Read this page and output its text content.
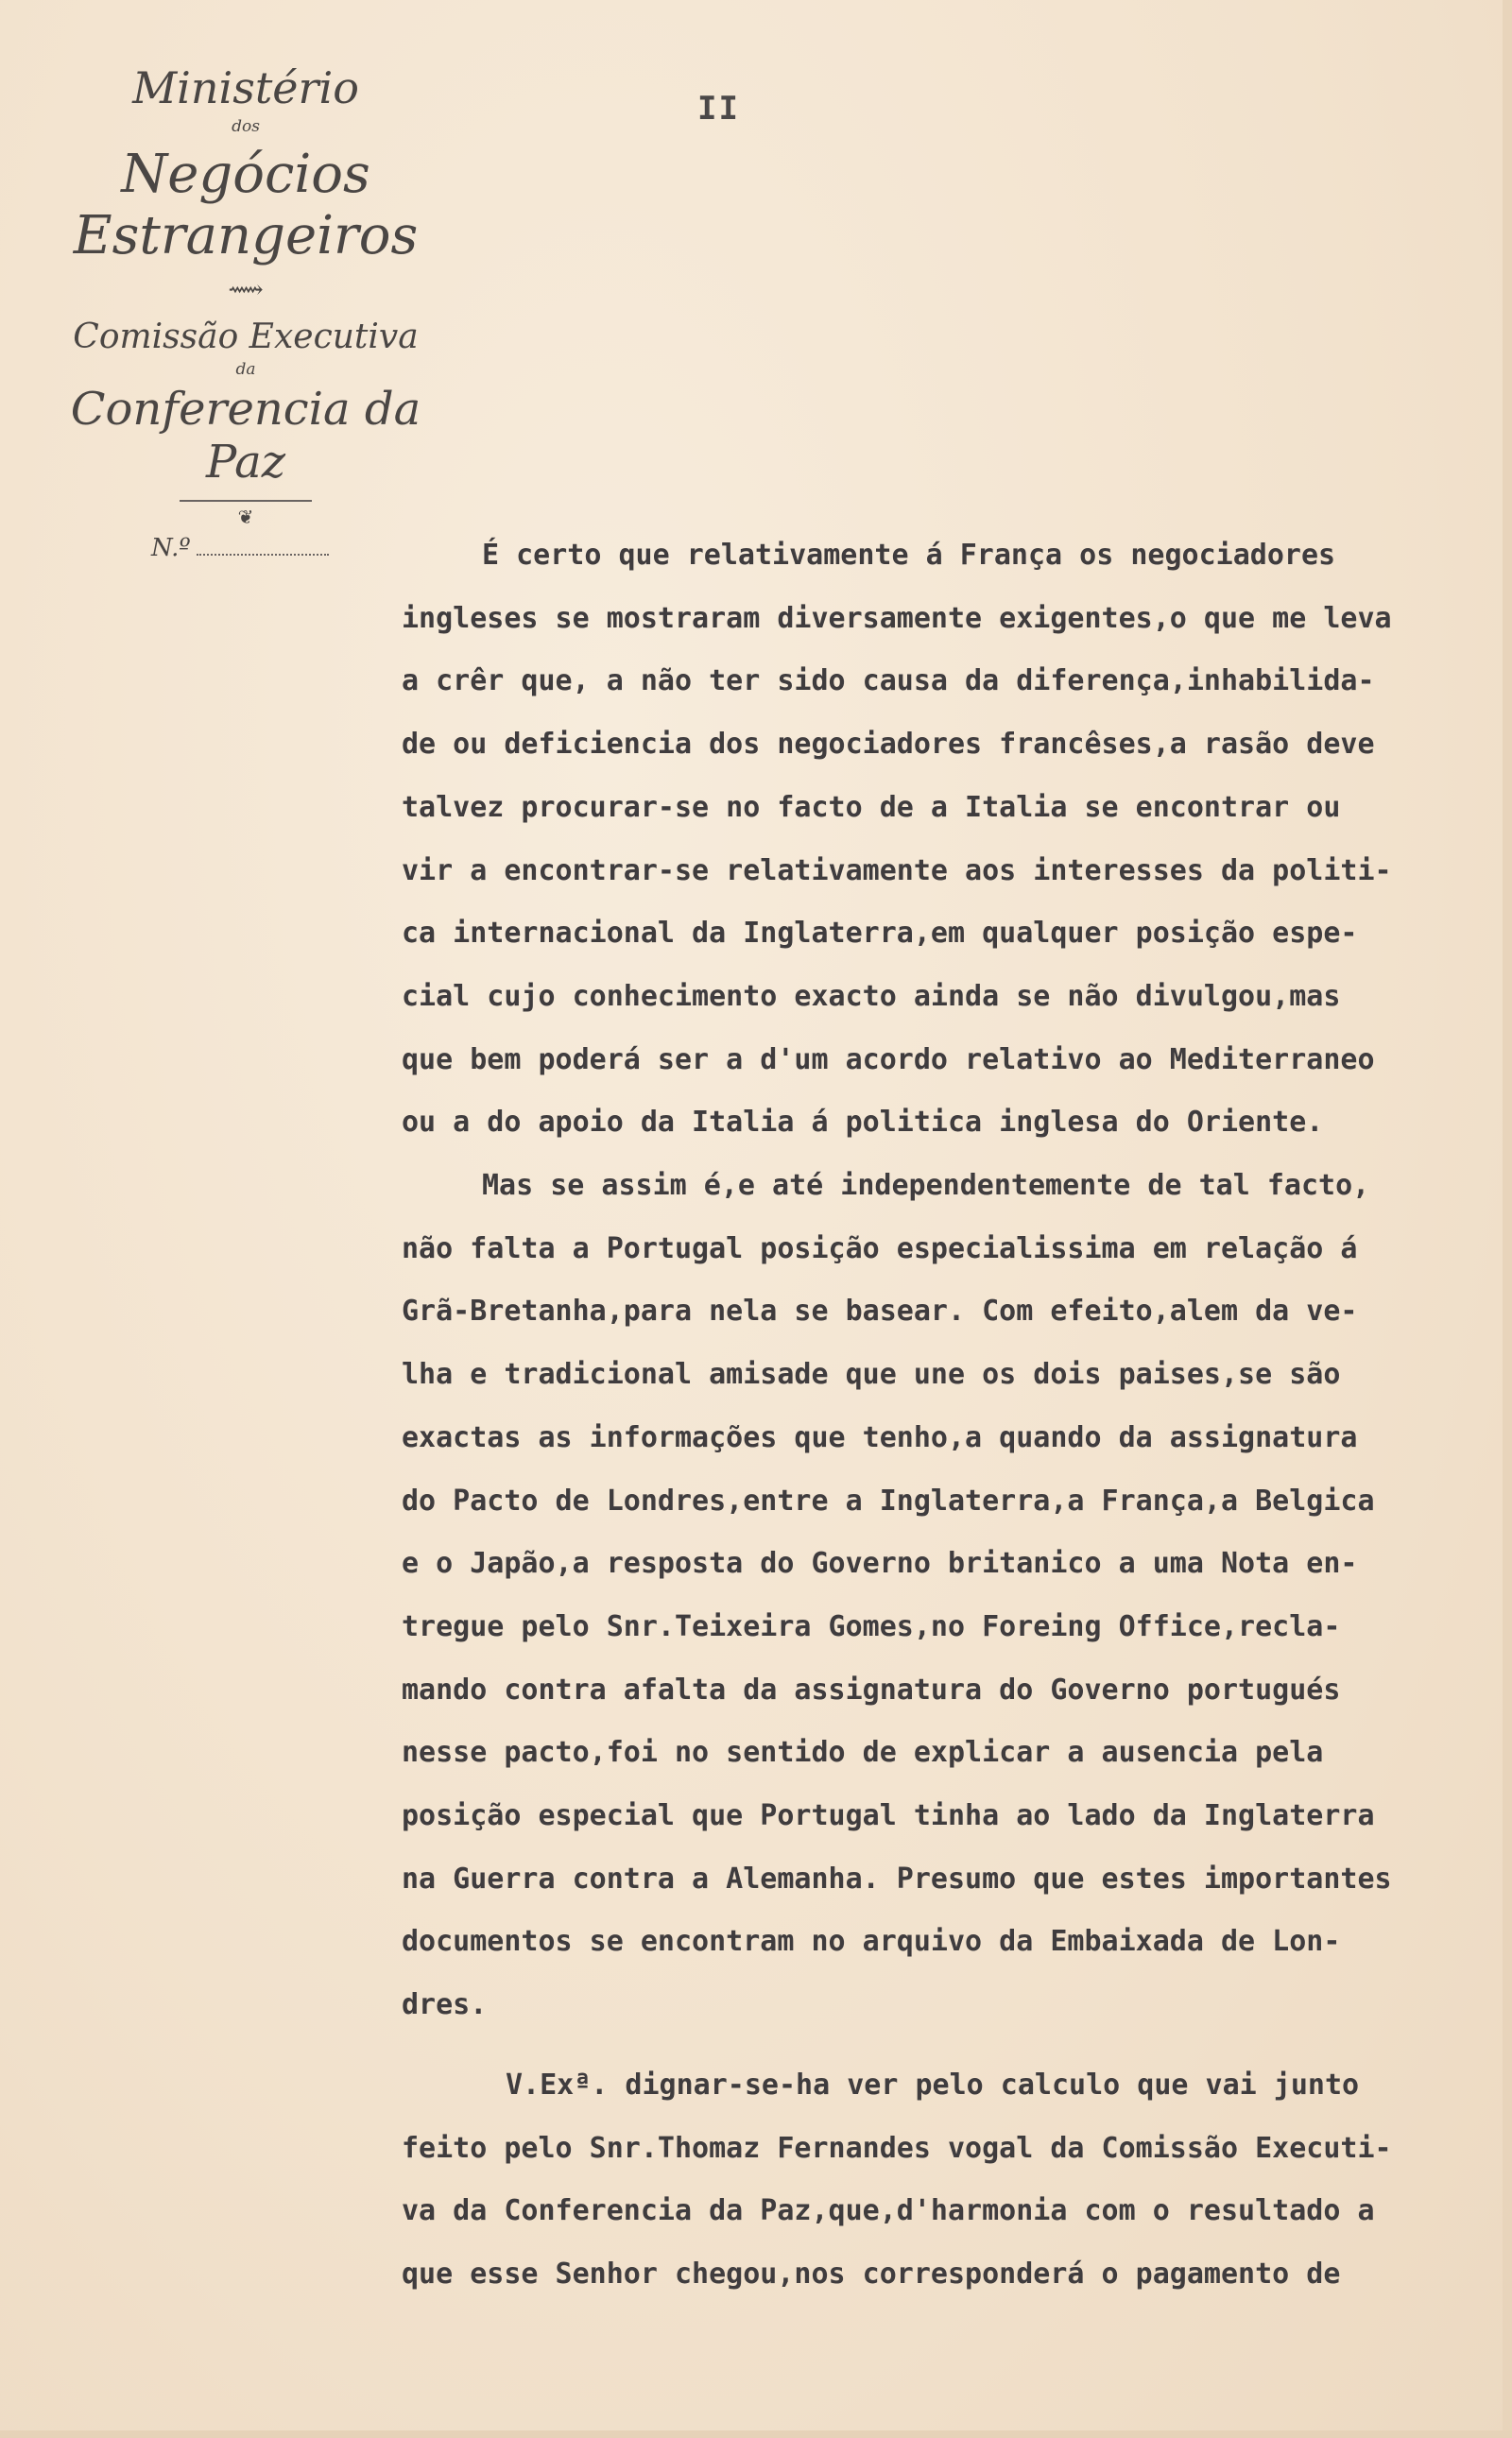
Ministério
dos
Negócios Estrangeiros
⟿
Comissão Executiva
da
Conferencia da Paz
❦
N.º
II
É certo que relativamente á França os negociadores
ingleses se mostraram diversamente exigentes,o que me leva
a crêr que, a não ter sido causa da diferença,inhabilida-
de ou deficiencia dos negociadores francêses,a rasão deve
talvez procurar-se no facto de a Italia se encontrar ou
vir a encontrar-se relativamente aos interesses da politi-
ca internacional da Inglaterra,em qualquer posição espe-
cial cujo conhecimento exacto ainda se não divulgou,mas
que bem poderá ser a d'um acordo relativo ao Mediterraneo
ou a do apoio da Italia á politica inglesa do Oriente.
Mas se assim é,e até independentemente de tal facto,
não falta a Portugal posição especialissima em relação á
Grã-Bretanha,para nela se basear. Com efeito,alem da ve-
lha e tradicional amisade que une os dois paises,se são
exactas as informações que tenho,a quando da assignatura
do Pacto de Londres,entre a Inglaterra,a França,a Belgica
e o Japão,a resposta do Governo britanico a uma Nota en-
tregue pelo Snr.Teixeira Gomes,no Foreing Office,recla-
mando contra afalta da assignatura do Governo portugués
nesse pacto,foi no sentido de explicar a ausencia pela
posição especial que Portugal tinha ao lado da Inglaterra
na Guerra contra a Alemanha. Presumo que estes importantes
documentos se encontram no arquivo da Embaixada de Lon-
dres.
V.Exª. dignar-se-ha ver pelo calculo que vai junto
feito pelo Snr.Thomaz Fernandes vogal da Comissão Executi-
va da Conferencia da Paz,que,d'harmonia com o resultado a
que esse Senhor chegou,nos corresponderá o pagamento de
